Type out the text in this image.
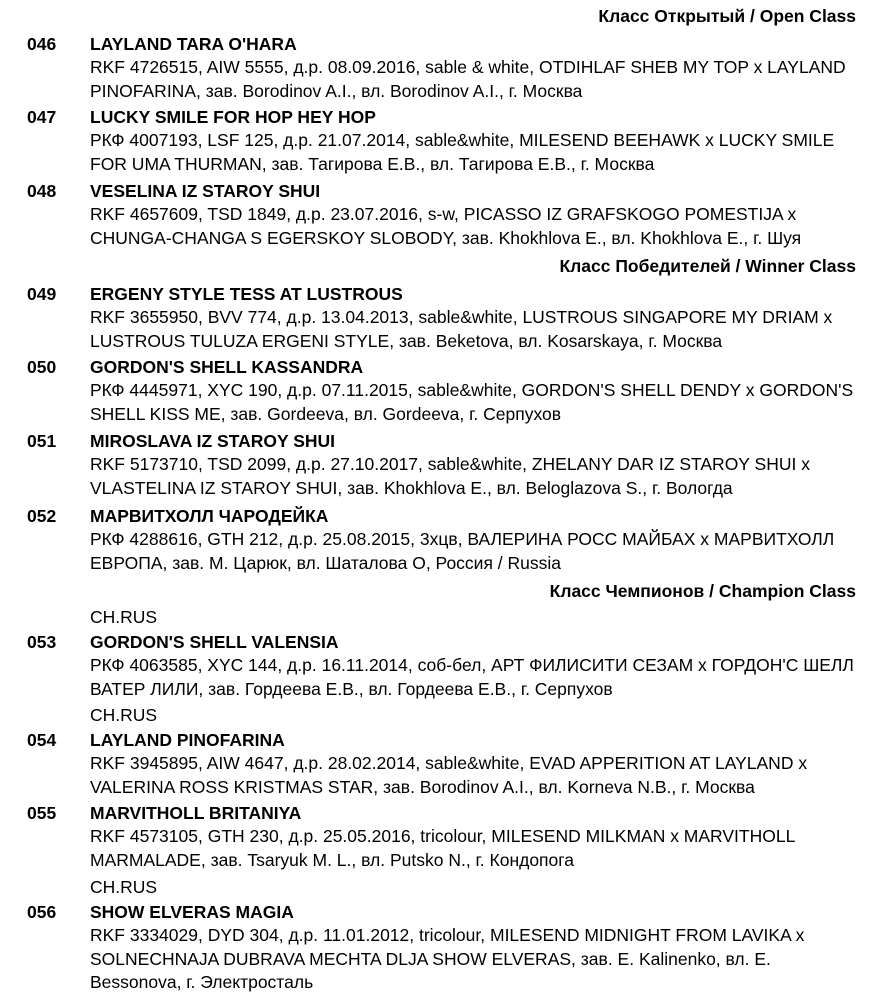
Класс Открытый / Open Class
046 LAYLAND TARA O'HARA
RKF 4726515, AIW 5555, д.р. 08.09.2016, sable & white, OTDIHLAF SHEB MY TOP x LAYLAND
PINOFARINA, зав. Borodinov A.I., вл. Borodinov A.I., г. Москва
047 LUCKY SMILE FOR HOP HEY HOP
РКФ 4007193, LSF 125, д.р. 21.07.2014, sable&white, MILESEND BEEHAWK x LUCKY SMILE
FOR UMA THURMAN, зав. Тагирова Е.В., вл. Тагирова Е.В., г. Москва
048 VESELINA IZ STAROY SHUI
RKF 4657609, TSD 1849, д.р. 23.07.2016, s-w, PICASSO IZ GRAFSKOGO POMESTIJA x
CHUNGA-CHANGA S EGERSKOY SLOBODY, зав. Khokhlova E., вл. Khokhlova E., г. Шуя
Класс Победителей / Winner Class
049 ERGENY STYLE TESS AT LUSTROUS
RKF 3655950, BVV 774, д.р. 13.04.2013, sable&white, LUSTROUS SINGAPORE MY DRIAM x
LUSTROUS TULUZA ERGENI STYLE, зав. Beketova, вл. Kosarskaya, г. Москва
050 GORDON'S SHELL KASSANDRA
РКФ 4445971, XYC 190, д.р. 07.11.2015, sable&white, GORDON'S SHELL DENDY x GORDON'S
SHELL KISS ME, зав. Gordeeva, вл. Gordeeva, г. Серпухов
051 MIROSLAVA IZ STAROY SHUI
RKF 5173710, TSD 2099, д.р. 27.10.2017, sable&white, ZHELANY DAR IZ STAROY SHUI x
VLASTELINA IZ STAROY SHUI, зав. Khokhlova E., вл. Beloglazova S., г. Вологда
052 МАРВИТХОЛЛ ЧАРОДЕЙКА
РКФ 4288616, GTH 212, д.р. 25.08.2015, 3хцв, ВАЛЕРИНА РОСС МАЙБАХ x МАРВИТХОЛЛ
ЕВРОПА, зав. М. Царюк, вл. Шаталова О, Россия / Russia
Класс Чемпионов / Champion Class
CH.RUS
053 GORDON'S SHELL VALENSIA
РКФ 4063585, XYC 144, д.р. 16.11.2014, соб-бел, АРТ ФИЛИСИТИ СЕЗАМ x ГОРДОН'С ШЕЛЛ
ВАТЕР ЛИЛИ, зав. Гордеева Е.В., вл. Гордеева Е.В., г. Серпухов
CH.RUS
054 LAYLAND PINOFARINA
RKF 3945895, AIW 4647, д.р. 28.02.2014, sable&white, EVAD APPERITION AT LAYLAND x
VALERINA ROSS KRISTMAS STAR, зав. Borodinov A.I., вл. Korneva N.B., г. Москва
055 MARVITHOLL BRITANIYA
RKF 4573105, GTH 230, д.р. 25.05.2016, tricolour, MILESEND MILKMAN x MARVITHOLL
MARMALADE, зав. Tsaryuk M. L., вл. Putsko N., г. Кондопога
CH.RUS
056 SHOW ELVERAS MAGIA
RKF 3334029, DYD 304, д.р. 11.01.2012, tricolour, MILESEND MIDNIGHT FROM LAVIKA x
SOLNECHNAJA DUBRAVA MECHTA DLJA SHOW ELVERAS, зав. E. Kalinenko, вл. E.
Bessonova, г. Электросталь
